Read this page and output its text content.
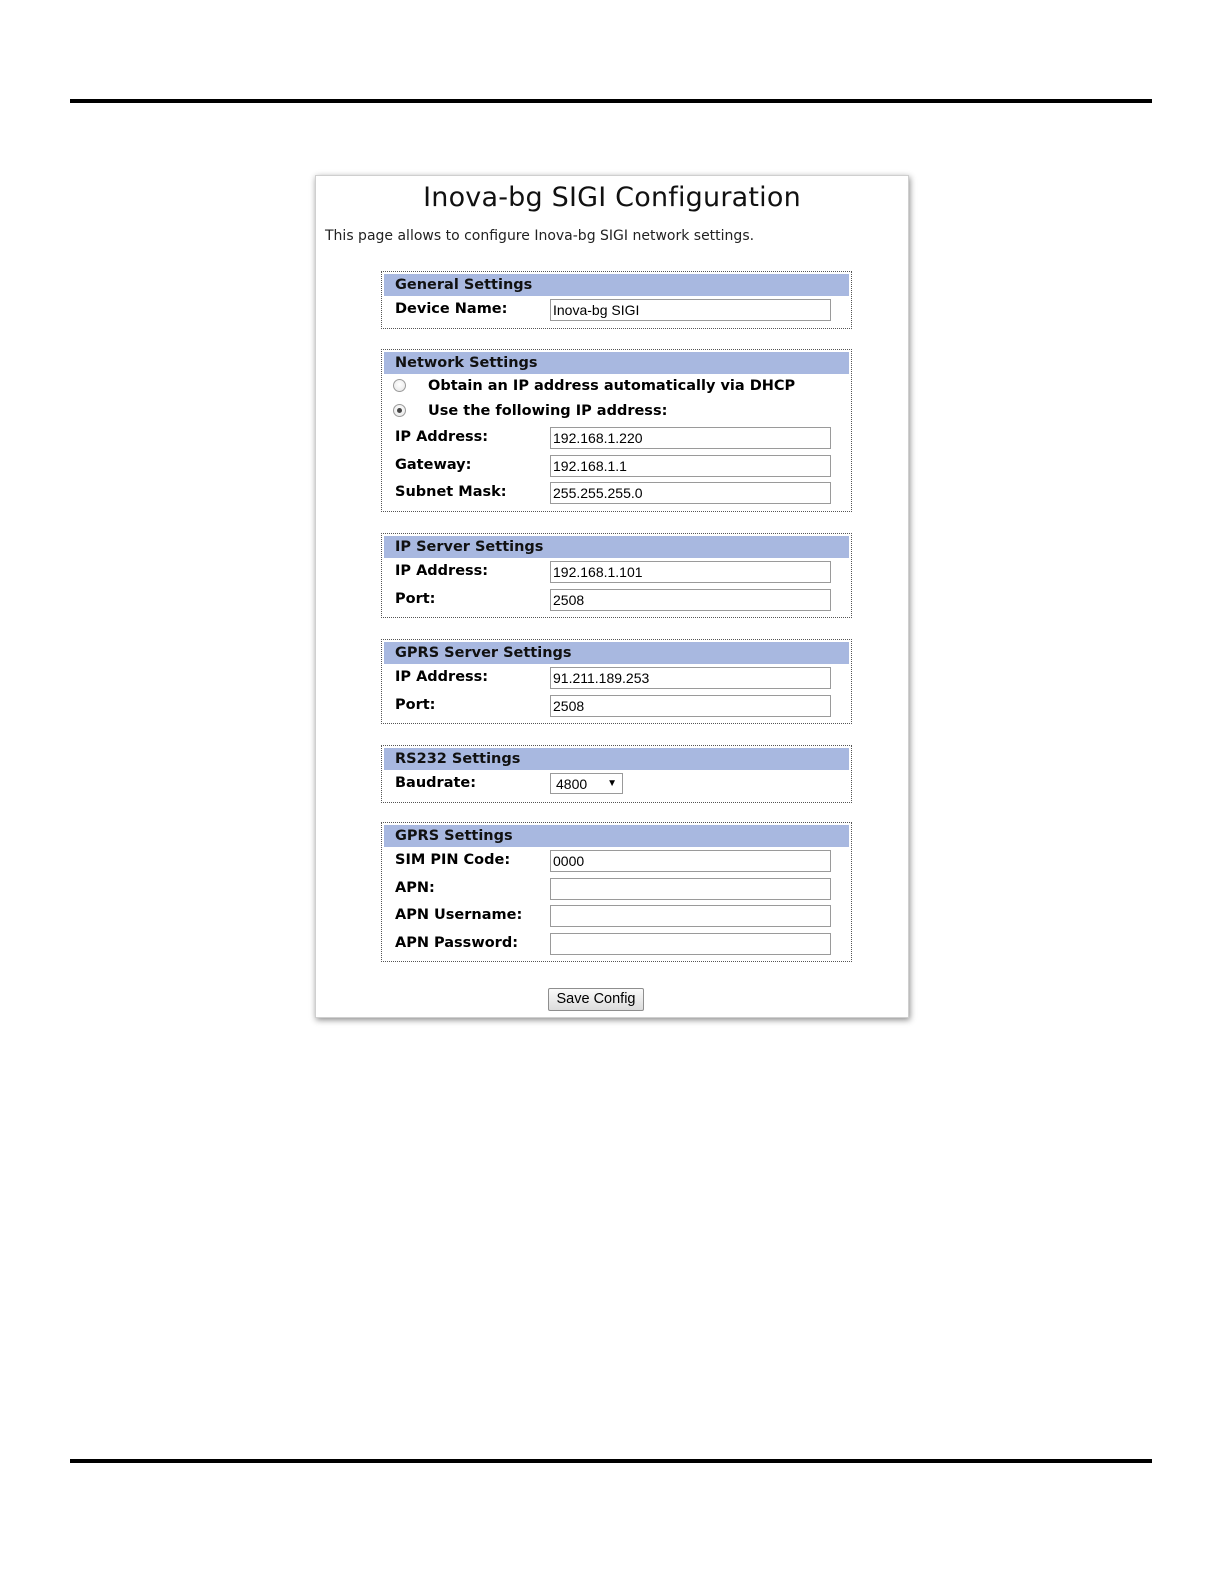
Inova-bg SIGI Configuration
This page allows to configure Inova-bg SIGI network settings.
General Settings
Device Name:
Inova-bg SIGI
Network Settings
Obtain an IP address automatically via DHCP
Use the following IP address:
IP Address:
192.168.1.220
Gateway:
192.168.1.1
Subnet Mask:
255.255.255.0
IP Server Settings
IP Address:
192.168.1.101
Port:
2508
GPRS Server Settings
IP Address:
91.211.189.253
Port:
2508
RS232 Settings
Baudrate:	4800 ▼
GPRS Settings
SIM PIN Code:
0000
APN:
APN Username:
APN Password:
Save Config
